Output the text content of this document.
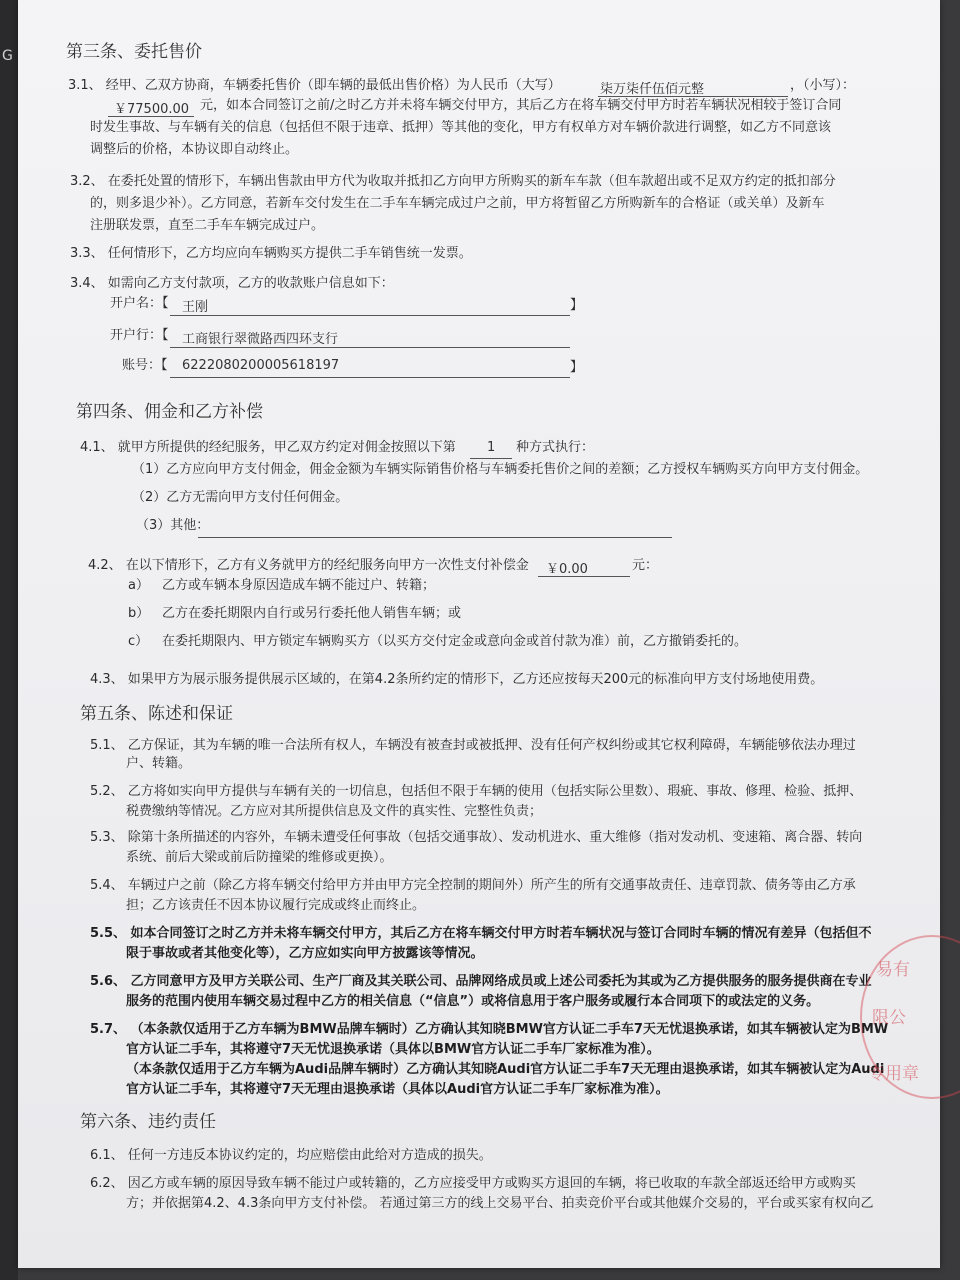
G	第三条、委托售价
3.1、 经甲、乙双方协商，车辆委托售价（即车辆的最低出售价格）为人民币（大写）	柒万柒仟伍佰元整	，（小写）：
￥77500.00 元，如本合同签订之前/之时乙方并未将车辆交付甲方，其后乙方在将车辆交付甲方时若车辆状况相较于签订合同
时发生事故、与车辆有关的信息（包括但不限于违章、抵押）等其他的变化，甲方有权单方对车辆价款进行调整，如乙方不同意该
调整后的价格，本协议即自动终止。
3.2、 在委托处置的情形下，车辆出售款由甲方代为收取并抵扣乙方向甲方所购买的新车车款（但车款超出或不足双方约定的抵扣部分
的，则多退少补）。乙方同意，若新车交付发生在二手车车辆完成过户之前，甲方将暂留乙方所购新车的合格证（或关单）及新车
注册联发票，直至二手车车辆完成过户。
3.3、 任何情形下，乙方均应向车辆购买方提供二手车销售统一发票。
3.4、 如需向乙方支付款项，乙方的收款账户信息如下：
开户名：【 王刚	】
开户行：【 工商银行翠微路西四环支行
账号：【 6222080200005618197	】
第四条、佣金和乙方补偿
4.1、 就甲方所提供的经纪服务，甲乙双方约定对佣金按照以下第 1 种方式执行：
（1）乙方应向甲方支付佣金，佣金金额为车辆实际销售价格与车辆委托售价之间的差额；乙方授权车辆购买方向甲方支付佣金。
（2）乙方无需向甲方支付任何佣金。
（3）其他：
4.2、 在以下情形下，乙方有义务就甲方的经纪服务向甲方一次性支付补偿金 ￥0.00	元：
a） 乙方或车辆本身原因造成车辆不能过户、转籍；
b） 乙方在委托期限内自行或另行委托他人销售车辆；或
c） 在委托期限内、甲方锁定车辆购买方（以买方交付定金或意向金或首付款为准）前，乙方撤销委托的。
4.3、 如果甲方为展示服务提供展示区域的，在第4.2条所约定的情形下，乙方还应按每天200元的标准向甲方支付场地使用费。
第五条、陈述和保证
5.1、 乙方保证，其为车辆的唯一合法所有权人，车辆没有被查封或被抵押、没有任何产权纠纷或其它权利障碍，车辆能够依法办理过
户、转籍。
5.2、 乙方将如实向甲方提供与车辆有关的一切信息，包括但不限于车辆的使用（包括实际公里数）、瑕疵、事故、修理、检验、抵押、
税费缴纳等情况。乙方应对其所提供信息及文件的真实性、完整性负责；
5.3、 除第十条所描述的内容外，车辆未遭受任何事故（包括交通事故）、发动机进水、重大维修（指对发动机、变速箱、离合器、转向
系统、前后大梁或前后防撞梁的维修或更换）。
5.4、 车辆过户之前（除乙方将车辆交付给甲方并由甲方完全控制的期间外）所产生的所有交通事故责任、违章罚款、债务等由乙方承
担；乙方该责任不因本协议履行完成或终止而终止。
5.5、 如本合同签订之时乙方并未将车辆交付甲方，其后乙方在将车辆交付甲方时若车辆状况与签订合同时车辆的情况有差异（包括但不
限于事故或者其他变化等），乙方应如实向甲方披露该等情况。
5.6、 乙方同意甲方及甲方关联公司、生产厂商及其关联公司、品牌网络成员或上述公司委托为其或为乙方提供服务的服务提供商在专业
服务的范围内使用车辆交易过程中乙方的相关信息（“信息”）或将信息用于客户服务或履行本合同项下的或法定的义务。
5.7、 （本条款仅适用于乙方车辆为BMW品牌车辆时）乙方确认其知晓BMW官方认证二手车7天无忧退换承诺，如其车辆被认定为BMW
官方认证二手车，其将遵守7天无忧退换承诺（具体以BMW官方认证二手车厂家标准为准）。
（本条款仅适用于乙方车辆为Audi品牌车辆时）乙方确认其知晓Audi官方认证二手车7天无理由退换承诺，如其车辆被认定为Audi
官方认证二手车，其将遵守7天无理由退换承诺（具体以Audi官方认证二手车厂家标准为准）。
第六条、违约责任
6.1、 任何一方违反本协议约定的，均应赔偿由此给对方造成的损失。
6.2、 因乙方或车辆的原因导致车辆不能过户或转籍的，乙方应接受甲方或购买方退回的车辆，将已收取的车款全部返还给甲方或购买
方；并依据第4.2、4.3条向甲方支付补偿。 若通过第三方的线上交易平台、拍卖竞价平台或其他媒介交易的，平台或买家有权向乙
易有
限公
专用章
